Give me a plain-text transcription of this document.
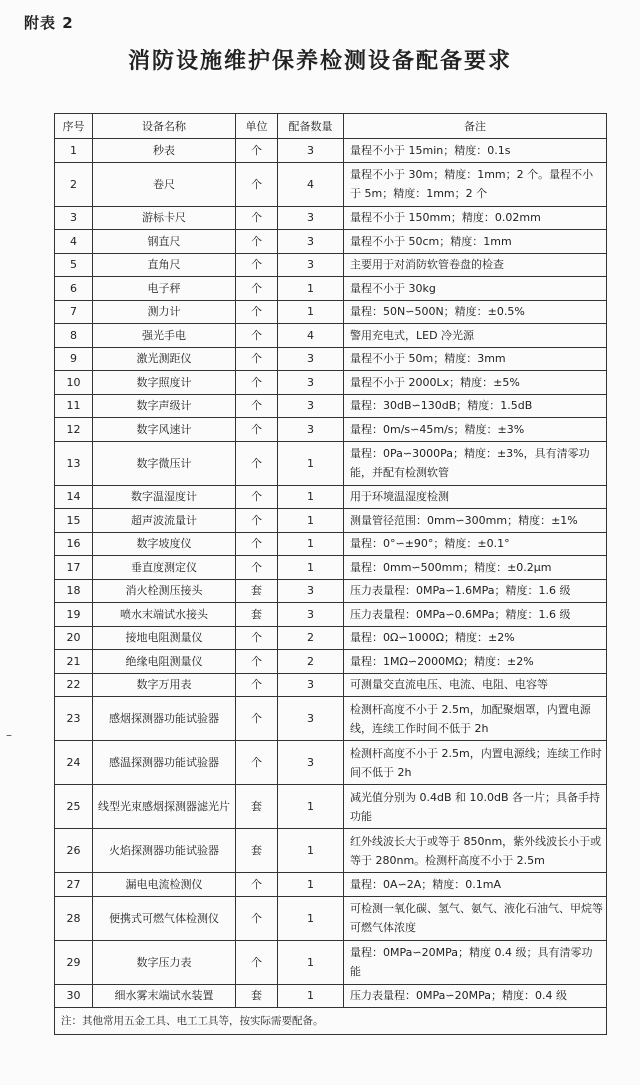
附表 2
消防设施维护保养检测设备配备要求
–
序号	设备名称	单位	配备数量	备注
1	秒表	个	3	量程不小于 15min；精度：0.1s
2	卷尺	个	4	量程不小于 30m；精度：1mm；2 个。量程不小于 5m；精度：1mm；2 个
3	游标卡尺	个	3	量程不小于 150mm；精度：0.02mm
4	钢直尺	个	3	量程不小于 50cm；精度：1mm
5	直角尺	个	3	主要用于对消防软管卷盘的检查
6	电子秤	个	1	量程不小于 30kg
7	测力计	个	1	量程：50N∽500N；精度：±0.5%
8	强光手电	个	4	警用充电式，LED 冷光源
9	激光测距仪	个	3	量程不小于 50m；精度：3mm
10	数字照度计	个	3	量程不小于 2000Lx；精度：±5%
11	数字声级计	个	3	量程：30dB∽130dB；精度：1.5dB
12	数字风速计	个	3	量程：0m/s∽45m/s；精度：±3%
13	数字微压计	个	1	量程：0Pa∽3000Pa；精度：±3%，具有清零功能，并配有检测软管
14	数字温湿度计	个	1	用于环境温湿度检测
15	超声波流量计	个	1	测量管径范围：0mm∽300mm；精度：±1%
16	数字坡度仪	个	1	量程：0°∽±90°；精度：±0.1°
17	垂直度测定仪	个	1	量程：0mm∽500mm；精度：±0.2μm
18	消火栓测压接头	套	3	压力表量程：0MPa∽1.6MPa；精度：1.6 级
19	喷水末端试水接头	套	3	压力表量程：0MPa∽0.6MPa；精度：1.6 级
20	接地电阻测量仪	个	2	量程：0Ω∽1000Ω；精度：±2%
21	绝缘电阻测量仪	个	2	量程：1MΩ∽2000MΩ；精度：±2%
22	数字万用表	个	3	可测量交直流电压、电流、电阻、电容等
23	感烟探测器功能试验器	个	3	检测杆高度不小于 2.5m，加配聚烟罩，内置电源线，连续工作时间不低于 2h
24	感温探测器功能试验器	个	3	检测杆高度不小于 2.5m，内置电源线；连续工作时间不低于 2h
25	线型光束感烟探测器滤光片	套	1	减光值分别为 0.4dB 和 10.0dB 各一片；具备手持功能
26	火焰探测器功能试验器	套	1	红外线波长大于或等于 850nm，紫外线波长小于或等于 280nm。检测杆高度不小于 2.5m
27	漏电电流检测仪	个	1	量程：0A∽2A；精度：0.1mA
28	便携式可燃气体检测仪	个	1	可检测一氧化碳、氢气、氨气、液化石油气、甲烷等可燃气体浓度
29	数字压力表	个	1	量程：0MPa∽20MPa；精度 0.4 级；具有清零功能
30	细水雾末端试水装置	套	1	压力表量程：0MPa∽20MPa；精度：0.4 级
注：其他常用五金工具、电工工具等，按实际需要配备。				
